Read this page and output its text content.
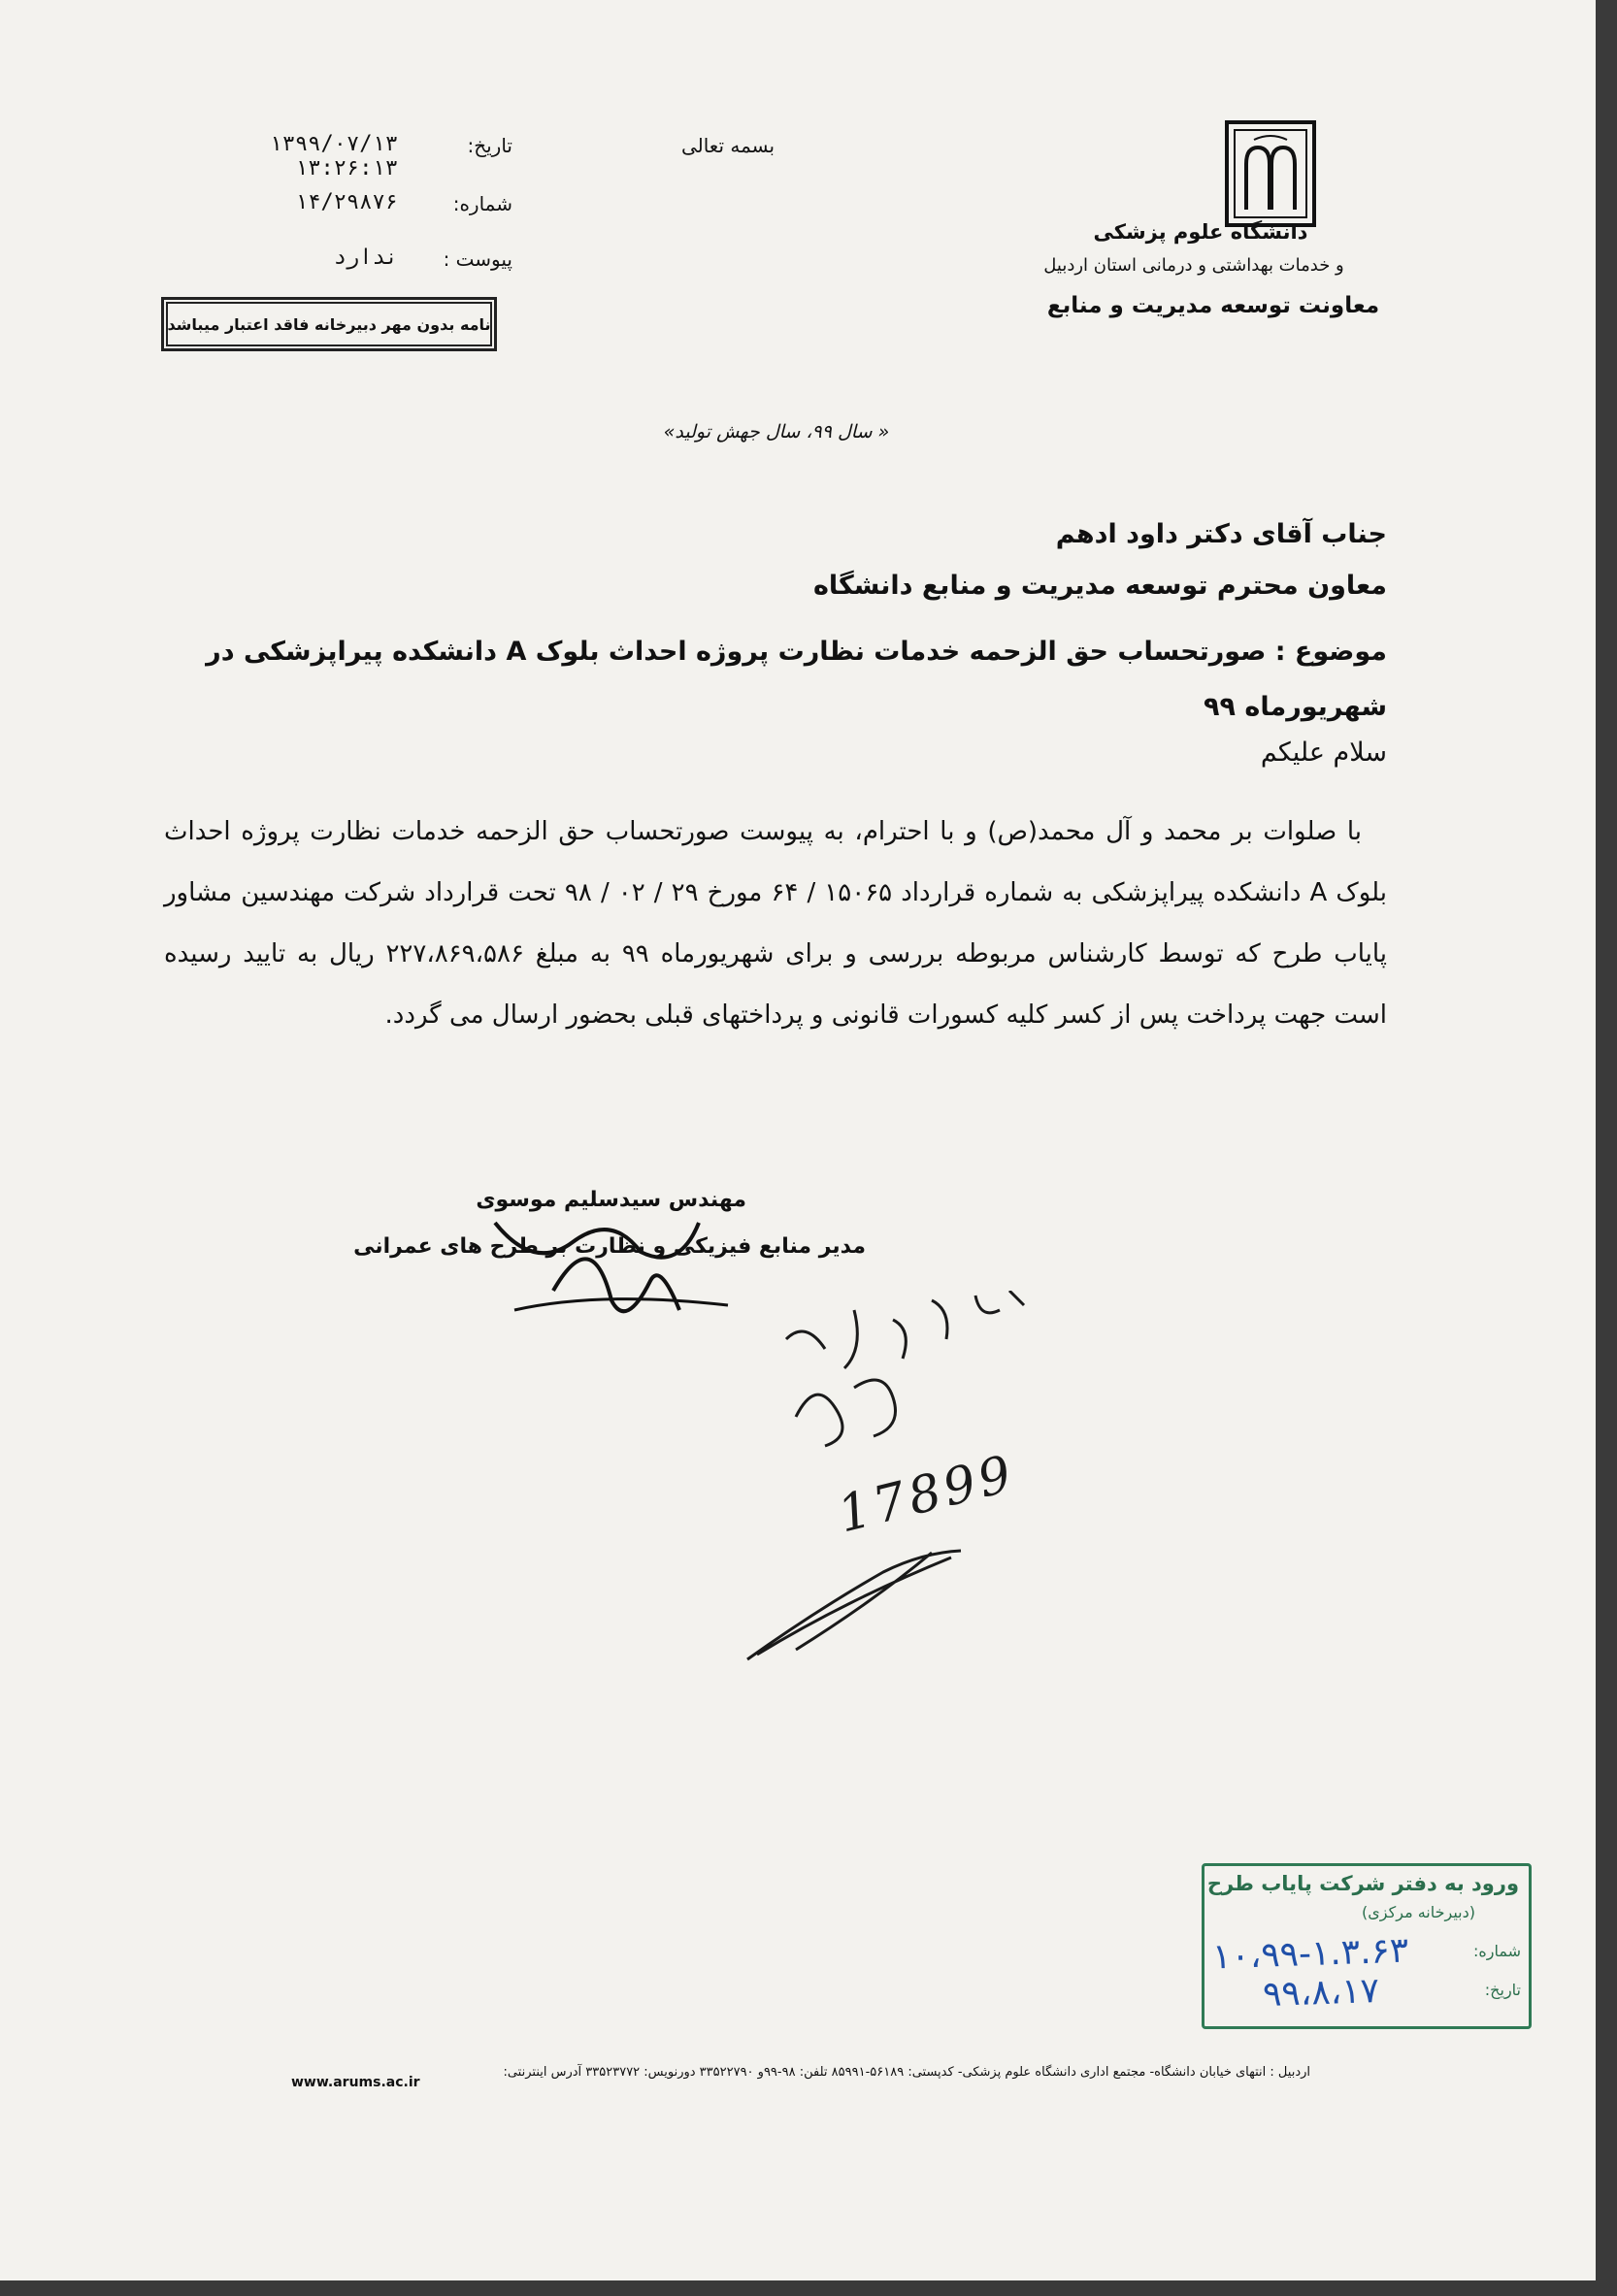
دانشگاه علوم پزشکی
و خدمات بهداشتی و درمانی استان اردبیل
معاونت توسعه مدیریت و منابع
بسمه تعالی
تاریخ:
۱۳۹۹/۰۷/۱۳ ۱۳:۲۶:۱۳
شماره:
۱۴/۲۹۸۷۶
پیوست :
ندارد
نامه بدون مهر دبیرخانه فاقد اعتبار میباشد
« سال ۹۹، سال جهش تولید»
جناب آقای دکتر داود ادهم
معاون محترم توسعه مدیریت و منابع دانشگاه
موضوع : صورتحساب حق الزحمه خدمات نظارت پروژه احداث بلوک A دانشکده پیراپزشکی در شهریورماه ۹۹
سلام علیکم

با صلوات بر محمد و آل محمد(ص) و با احترام، به پیوست صورتحساب حق الزحمه خدمات نظارت پروژه احداث بلوک A دانشکده پیراپزشکی به شماره قرارداد ۱۵۰۶۵ / ۶۴ مورخ ۲۹ / ۰۲ / ۹۸ تحت قرارداد شرکت مهندسین مشاور پایاب طرح که توسط کارشناس مربوطه بررسی و برای شهریورماه ۹۹ به مبلغ ۲۲۷،۸۶۹،۵۸۶ ریال به تایید رسیده است جهت پرداخت پس از کسر کلیه کسورات قانونی و پرداختهای قبلی بحضور ارسال می گردد.

مهندس سیدسلیم موسوی
مدیر منابع فیزیکی و نظارت بر طرح های عمرانی
17899
ورود به دفتر شرکت پایاب طرح
(دبیرخانه مرکزی)
شماره:
تاریخ:
۱۰،۹۹-۱.۳.۶۳
۹۹،۸،۱۷
اردبیل : انتهای خیابان دانشگاه- مجتمع اداری دانشگاه علوم پزشکی- کدپستی: ۵۶۱۸۹-۸۵۹۹۱ تلفن: ۹۸-۹۹و ۳۳۵۲۲۷۹۰ دورنویس: ۳۳۵۲۳۷۷۲ آدرس اینترنتی:
www.arums.ac.ir
